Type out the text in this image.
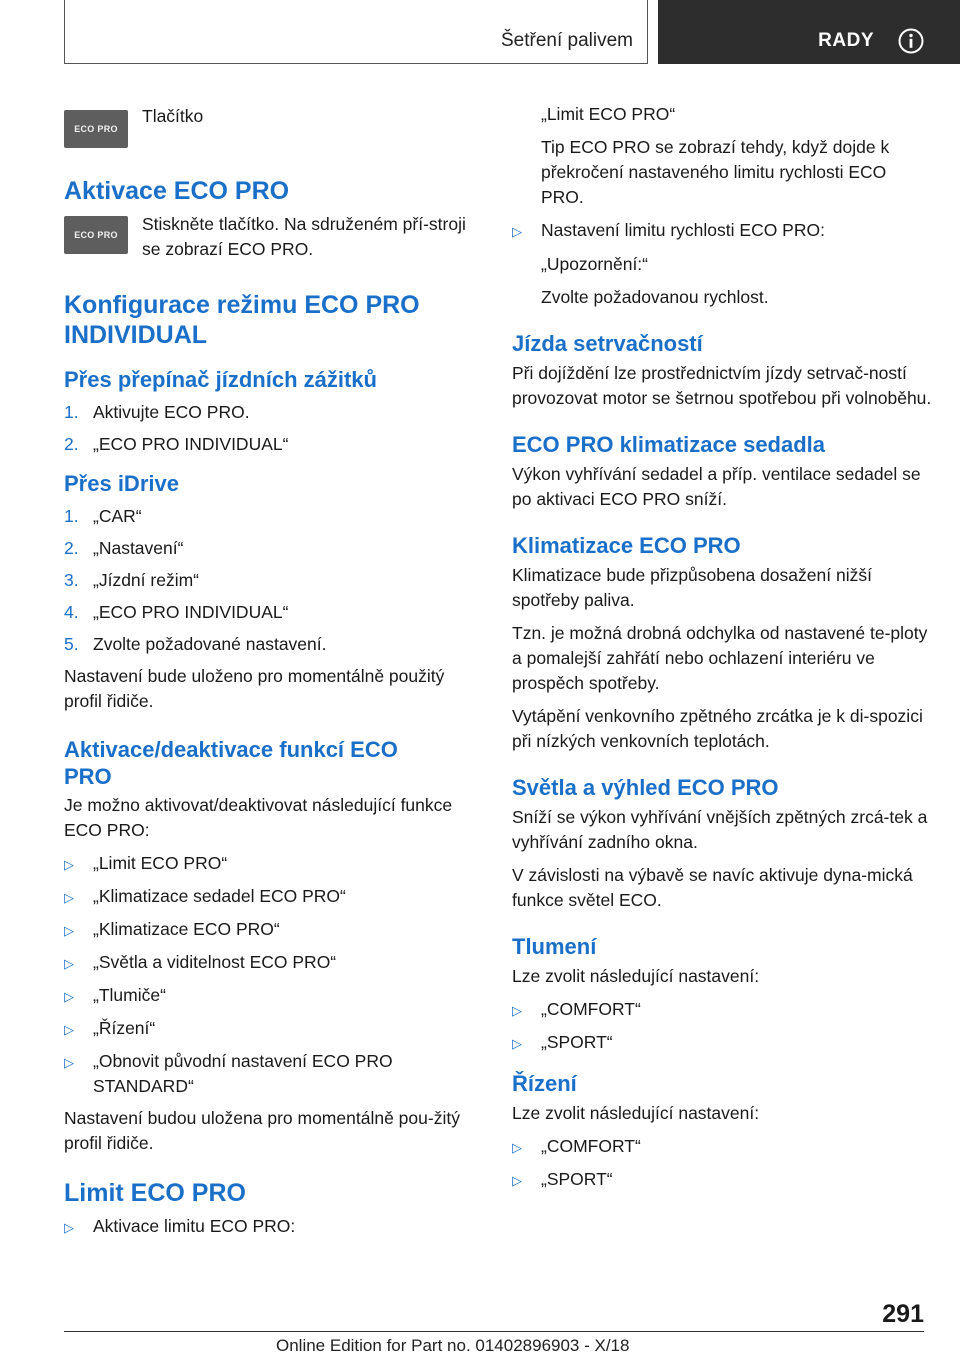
Šetření palivem	RADY
ECO PRO

Tlačítko

Aktivace ECO PRO
ECO PRO

Stiskněte tlačítko. Na sdruženém pří‐stroji se zobrazí ECO PRO.

Konfigurace režimu ECO PRO
INDIVIDUAL
Přes přepínač jízdních zážitků
1. Aktivujte ECO PRO.
2. „ECO PRO INDIVIDUAL“
Přes iDrive
1. „CAR“
2. „Nastavení“
3. „Jízdní režim“
4. „ECO PRO INDIVIDUAL“
5. Zvolte požadované nastavení.

Nastavení bude uloženo pro momentálně použitý profil řidiče.

Aktivace/deaktivace funkcí ECO
PRO

Je možno aktivovat/deaktivovat následující funkce ECO PRO:

▷	„Limit ECO PRO“
▷	„Klimatizace sedadel ECO PRO“
▷	„Klimatizace ECO PRO“
▷	„Světla a viditelnost ECO PRO“
▷	„Tlumiče“
▷	„Řízení“
▷	„Obnovit původní nastavení ECO PRO STANDARD“

Nastavení budou uložena pro momentálně pou‐žitý profil řidiče.

Limit ECO PRO
▷	Aktivace limitu ECO PRO:

„Limit ECO PRO“

Tip ECO PRO se zobrazí tehdy, když dojde k překročení nastaveného limitu rychlosti ECO PRO.

▷	Nastavení limitu rychlosti ECO PRO:

„Upozornění:“

Zvolte požadovanou rychlost.

Jízda setrvačností

Při dojíždění lze prostřednictvím jízdy setrvač‐ností provozovat motor se šetrnou spotřebou při volnoběhu.

ECO PRO klimatizace sedadla

Výkon vyhřívání sedadel a příp. ventilace sedadel se po aktivaci ECO PRO sníží.

Klimatizace ECO PRO

Klimatizace bude přizpůsobena dosažení nižší spotřeby paliva.

Tzn. je možná drobná odchylka od nastavené te‐ploty a pomalejší zahřátí nebo ochlazení interiéru ve prospěch spotřeby.

Vytápění venkovního zpětného zrcátka je k di‐spozici při nízkých venkovních teplotách.

Světla a výhled ECO PRO

Sníží se výkon vyhřívání vnějších zpětných zrcá‐tek a vyhřívání zadního okna.

V závislosti na výbavě se navíc aktivuje dyna‐mická funkce světel ECO.

Tlumení

Lze zvolit následující nastavení:

▷	„COMFORT“
▷	„SPORT“
Řízení

Lze zvolit následující nastavení:

▷	„COMFORT“
▷	„SPORT“
291
Online Edition for Part no. 01402896903 - X/18
